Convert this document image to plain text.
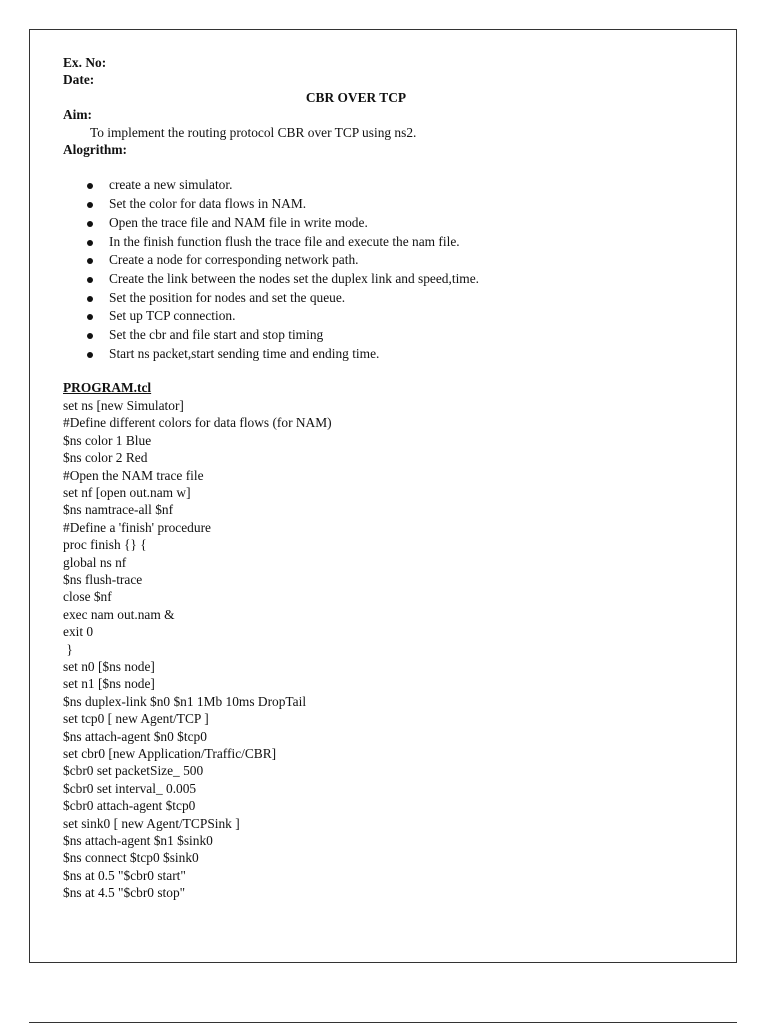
Ex. No:
Date:
CBR OVER TCP
Aim:
To implement the routing protocol CBR over TCP using ns2.
Alogrithm:
create a new simulator.
Set the color for data flows in NAM.
Open the trace file and NAM file in write mode.
In the finish function flush the trace file and execute the nam file.
Create a node for corresponding network path.
Create the link between the nodes set the duplex link and speed,time.
Set the position for nodes and set the queue.
Set up TCP connection.
Set the cbr and file start and stop timing
Start ns packet,start sending time and ending time.
PROGRAM.tcl
set ns [new Simulator]
#Define different colors for data flows (for NAM)
$ns color 1 Blue
$ns color 2 Red
#Open the NAM trace file
set nf [open out.nam w]
$ns namtrace-all $nf
#Define a 'finish' procedure
proc finish {} {
global ns nf
$ns flush-trace
close $nf
exec nam out.nam &
exit 0
}
set n0 [$ns node]
set n1 [$ns node]
$ns duplex-link $n0 $n1 1Mb 10ms DropTail
set tcp0 [ new Agent/TCP ]
$ns attach-agent $n0 $tcp0
set cbr0 [new Application/Traffic/CBR]
$cbr0 set packetSize_ 500
$cbr0 set interval_ 0.005
$cbr0 attach-agent $tcp0
set sink0 [ new Agent/TCPSink ]
$ns attach-agent $n1 $sink0
$ns connect $tcp0 $sink0
$ns at 0.5 "$cbr0 start"
$ns at 4.5 "$cbr0 stop"
